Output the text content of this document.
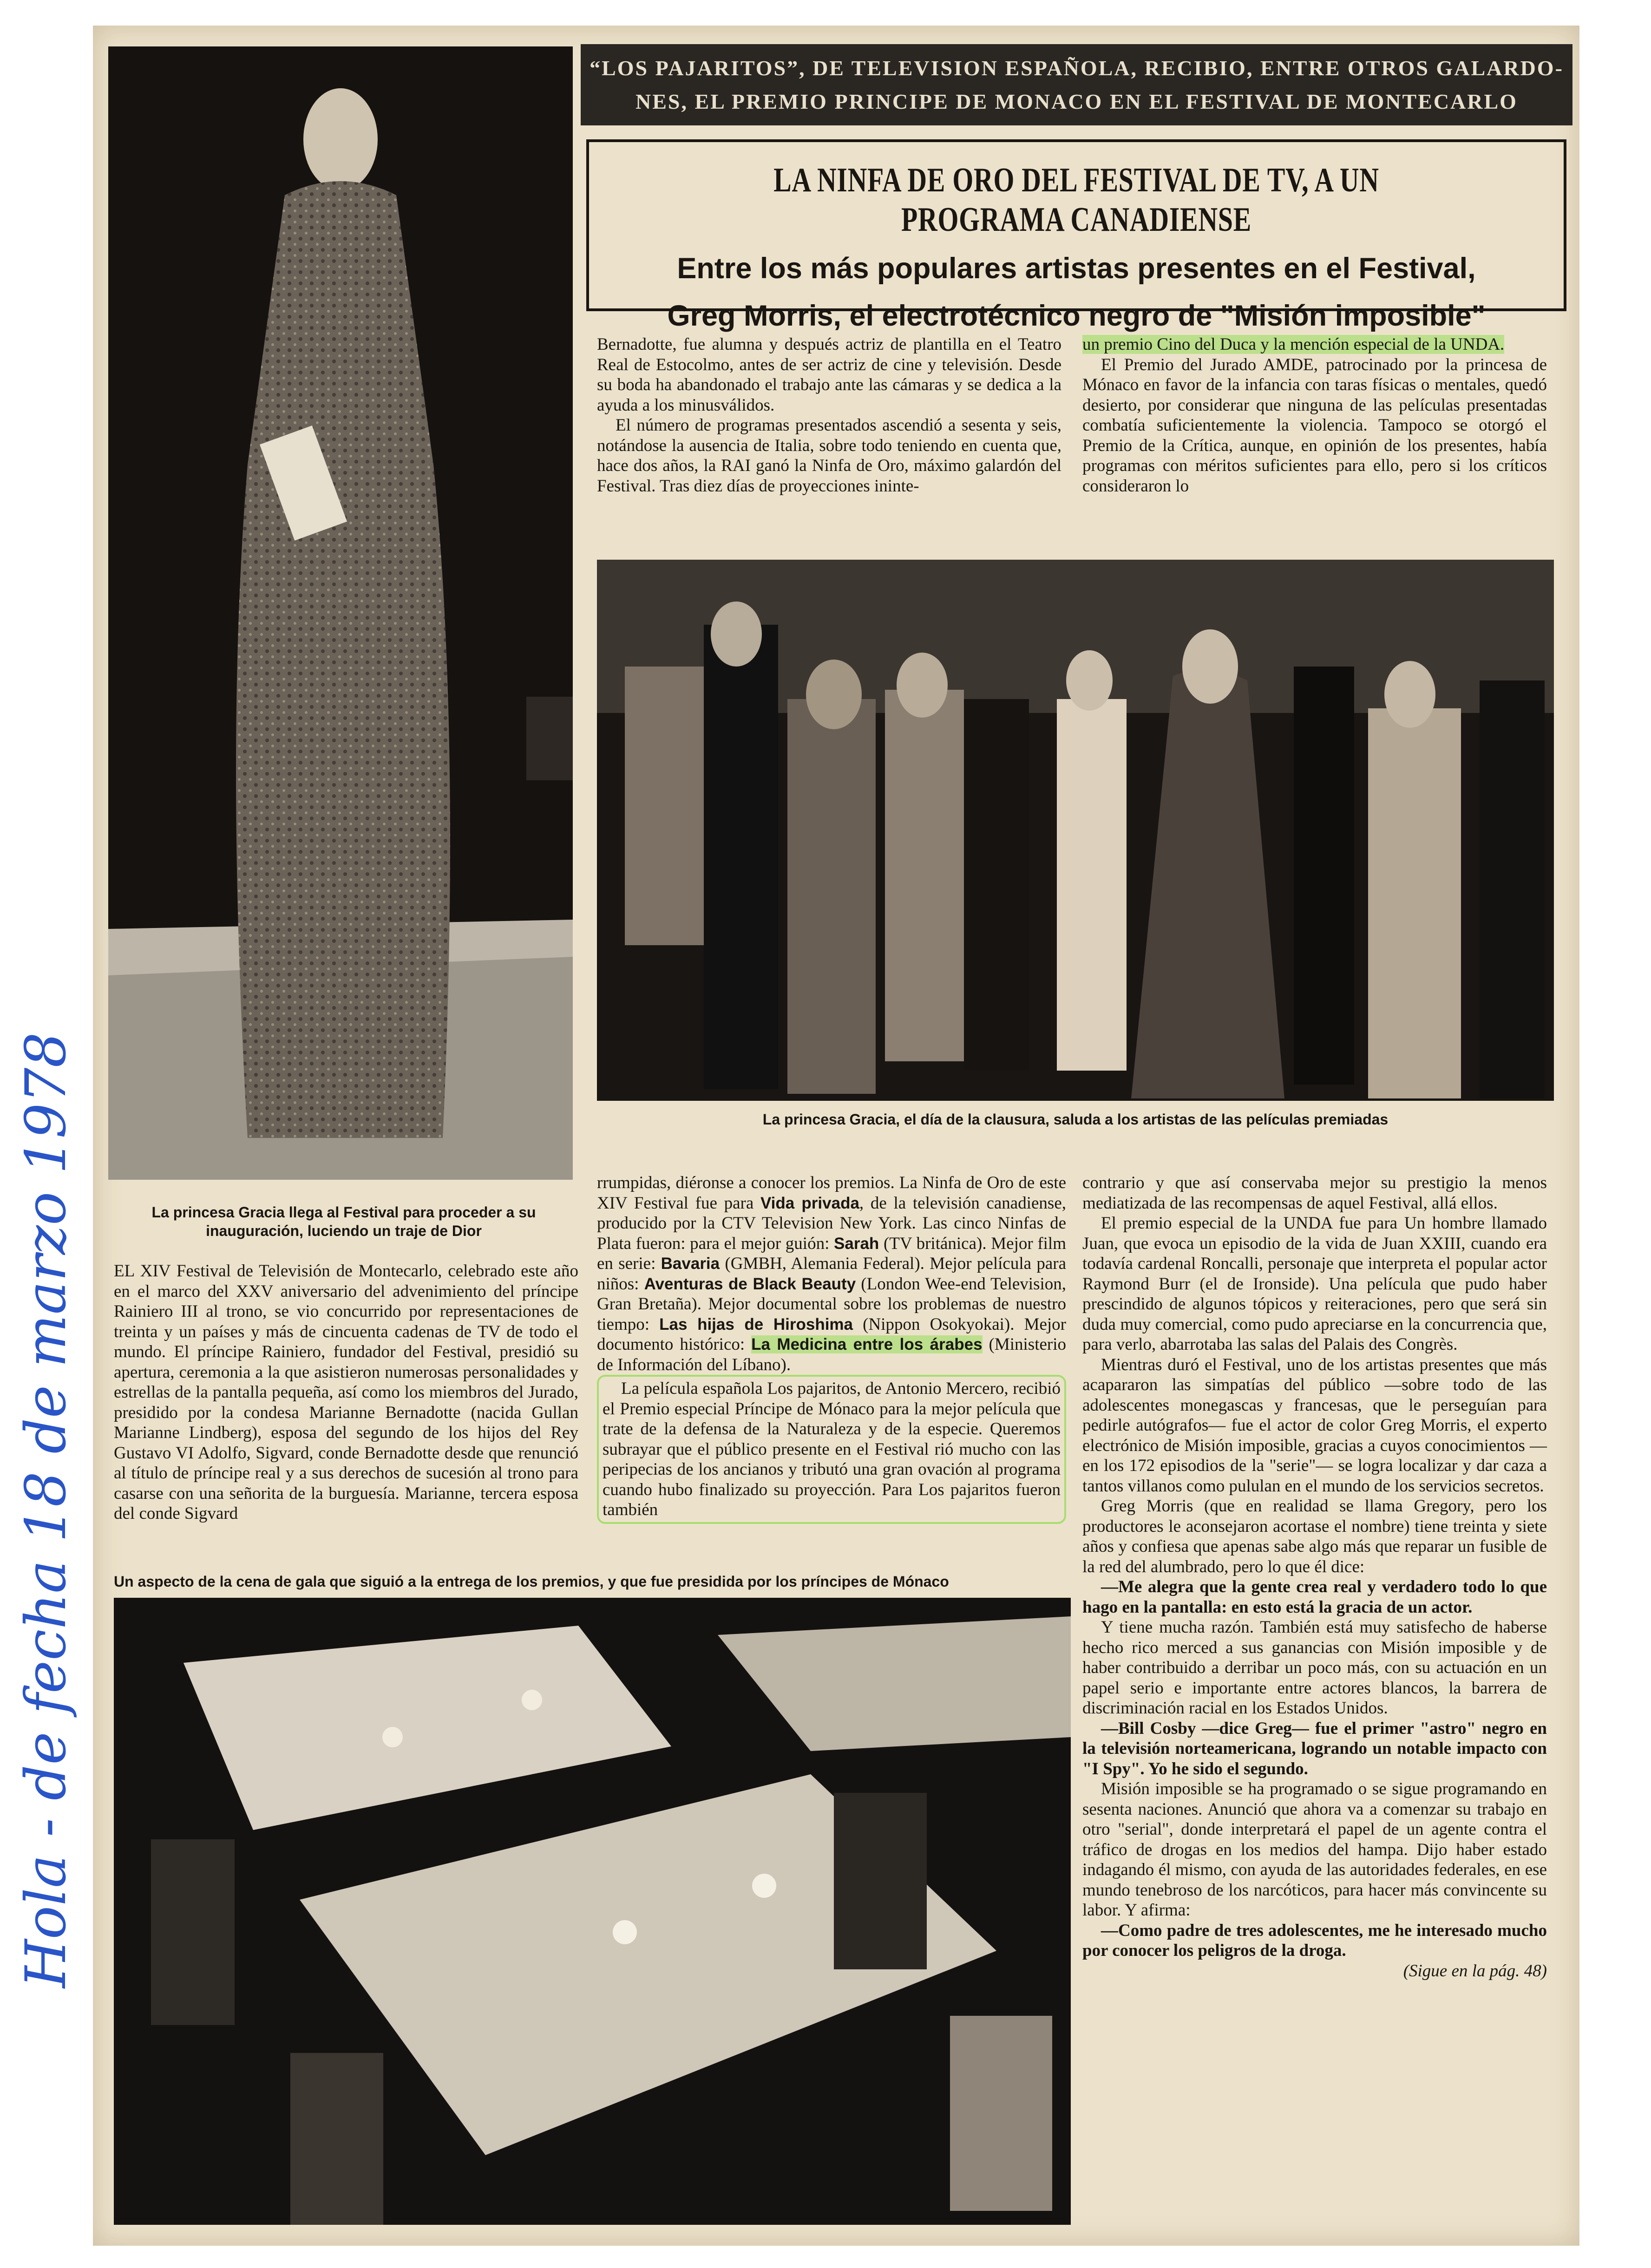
Hola - de fecha 18 de marzo 1978	La princesa Gracia llega al Festival para proceder a su inauguración, luciendo un traje de Dior
“LOS PAJARITOS”, DE TELEVISION ESPAÑOLA, RECIBIO, ENTRE OTROS GALARDO-
NES, EL PREMIO PRINCIPE DE MONACO EN EL FESTIVAL DE MONTECARLO
LA NINFA DE ORO DEL FESTIVAL DE TV, A UN PROGRAMA CANADIENSE
Entre los más populares artistas presentes en el Festival,
Greg Morris, el electrotécnico negro de "Misión imposible"

Bernadotte, fue alumna y después actriz de plantilla en el Teatro Real de Estocolmo, antes de ser actriz de cine y televisión. Desde su boda ha abandonado el trabajo ante las cámaras y se dedica a la ayuda a los minusválidos.

El número de programas presentados ascendió a sesenta y seis, notándose la ausencia de Italia, sobre todo teniendo en cuenta que, hace dos años, la RAI ganó la Ninfa de Oro, máximo galardón del Festival. Tras diez días de proyecciones ininte-

un premio Cino del Duca y la mención especial de la UNDA.

El Premio del Jurado AMDE, patrocinado por la princesa de Mónaco en favor de la infancia con taras físicas o mentales, quedó desierto, por considerar que ninguna de las películas presentadas combatía suficientemente la violencia. Tampoco se otorgó el Premio de la Crítica, aunque, en opinión de los presentes, había programas con méritos suficientes para ello, pero si los críticos consideraron lo

La princesa Gracia, el día de la clausura, saluda a los artistas de las películas premiadas

EL XIV Festival de Televisión de Montecarlo, celebrado este año en el marco del XXV aniversario del advenimiento del príncipe Rainiero III al trono, se vio concurrido por representaciones de treinta y un países y más de cincuenta cadenas de TV de todo el mundo. El príncipe Rainiero, fundador del Festival, presidió su apertura, ceremonia a la que asistieron numerosas personalidades y estrellas de la pantalla pequeña, así como los miembros del Jurado, presidido por la condesa Marianne Bernadotte (nacida Gullan Marianne Lindberg), esposa del segundo de los hijos del Rey Gustavo VI Adolfo, Sigvard, conde Bernadotte desde que renunció al título de príncipe real y a sus derechos de sucesión al trono para casarse con una señorita de la burguesía. Marianne, tercera esposa del conde Sigvard

rrumpidas, diéronse a conocer los premios. La Ninfa de Oro de este XIV Festival fue para Vida privada, de la televisión canadiense, producido por la CTV Television New York. Las cinco Ninfas de Plata fueron: para el mejor guión: Sarah (TV británica). Mejor film en serie: Bavaria (GMBH, Alemania Federal). Mejor película para niños: Aventuras de Black Beauty (London Wee-end Television, Gran Bretaña). Mejor documental sobre los problemas de nuestro tiempo: Las hijas de Hiroshima (Nippon Osokyokai). Mejor documento histórico: La Medicina entre los árabes (Ministerio de Información del Líbano).

La película española Los pajaritos, de Antonio Mercero, recibió el Premio especial Príncipe de Mónaco para la mejor película que trate de la defensa de la Naturaleza y de la especie. Queremos subrayar que el público presente en el Festival rió mucho con las peripecias de los ancianos y tributó una gran ovación al programa cuando hubo finalizado su proyección. Para Los pajaritos fueron también

contrario y que así conservaba mejor su prestigio la menos mediatizada de las recompensas de aquel Festival, allá ellos.

El premio especial de la UNDA fue para Un hombre llamado Juan, que evoca un episodio de la vida de Juan XXIII, cuando era todavía cardenal Roncalli, personaje que interpreta el popular actor Raymond Burr (el de Ironside). Una película que pudo haber prescindido de algunos tópicos y reiteraciones, pero que será sin duda muy comercial, como pudo apreciarse en la concurrencia que, para verlo, abarrotaba las salas del Palais des Congrès.

Mientras duró el Festival, uno de los artistas presentes que más acapararon las simpatías del público —sobre todo de las adolescentes monegascas y francesas, que le perseguían para pedirle autógrafos— fue el actor de color Greg Morris, el experto electrónico de Misión imposible, gracias a cuyos conocimientos —en los 172 episodios de la "serie"— se logra localizar y dar caza a tantos villanos como pululan en el mundo de los servicios secretos.

Greg Morris (que en realidad se llama Gregory, pero los productores le aconsejaron acortase el nombre) tiene treinta y siete años y confiesa que apenas sabe algo más que reparar un fusible de la red del alumbrado, pero lo que él dice:

—Me alegra que la gente crea real y verdadero todo lo que hago en la pantalla: en esto está la gracia de un actor.

Y tiene mucha razón. También está muy satisfecho de haberse hecho rico merced a sus ganancias con Misión imposible y de haber contribuido a derribar un poco más, con su actuación en un papel serio e importante entre actores blancos, la barrera de discriminación racial en los Estados Unidos.

—Bill Cosby —dice Greg— fue el primer "astro" negro en la televisión norteamericana, logrando un notable impacto con "I Spy". Yo he sido el segundo.

Misión imposible se ha programado o se sigue programando en sesenta naciones. Anunció que ahora va a comenzar su trabajo en otro "serial", donde interpretará el papel de un agente contra el tráfico de drogas en los medios del hampa. Dijo haber estado indagando él mismo, con ayuda de las autoridades federales, en ese mundo tenebroso de los narcóticos, para hacer más convincente su labor. Y afirma:

—Como padre de tres adolescentes, me he interesado mucho por conocer los peligros de la droga.

(Sigue en la pág. 48)

Un aspecto de la cena de gala que siguió a la entrega de los premios, y que fue presidida por los príncipes de Mónaco
